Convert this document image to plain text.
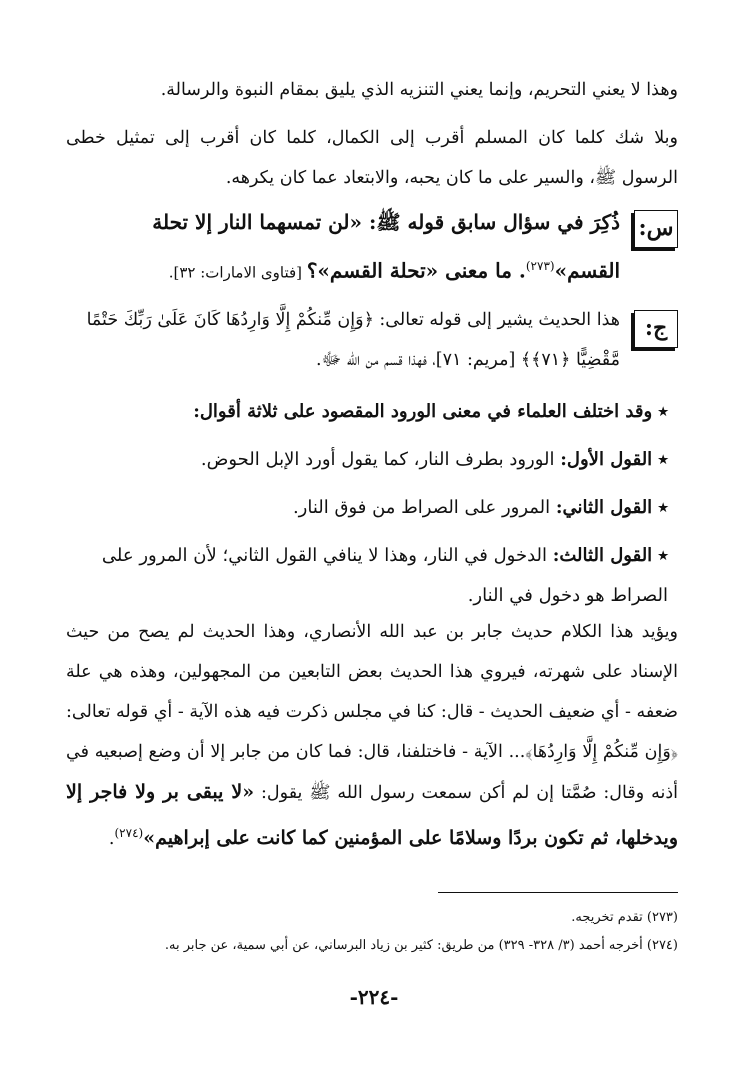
وهذا لا يعني التحريم، وإنما يعني التنزيه الذي يليق بمقام النبوة والرسالة.
وبلا شك كلما كان المسلم أقرب إلى الكمال، كلما كان أقرب إلى تمثيل خطى الرسول ﷺ، والسير على ما كان يحبه، والابتعاد عما كان يكرهه.
س:
ذُكِرَ في سؤال سابق قوله ﷺ: «لن تمسهما النار إلا تحلة القسم»$^{(٢٧٣)}$. ما معنى «تحلة القسم»؟ [فتاوى الامارات: ٣٢].
ج:
هذا الحديث يشير إلى قوله تعالى: ﴿وَإِن مِّنكُمْ إِلَّا وَارِدُهَا كَانَ عَلَىٰ رَبِّكَ حَتْمًا مَّقْضِيًّا ﴿٧١﴾﴾ [مريم: ٧١]، فهذا قسم من الله ﷻ.
٭وقد اختلف العلماء في معنى الورود المقصود على ثلاثة أقوال:
٭القول الأول: الورود بطرف النار، كما يقول أورد الإبل الحوض.
٭القول الثاني: المرور على الصراط من فوق النار.
٭القول الثالث: الدخول في النار، وهذا لا ينافي القول الثاني؛ لأن المرور على الصراط هو دخول في النار.
ويؤيد هذا الكلام حديث جابر بن عبد الله الأنصاري، وهذا الحديث لم يصح من حيث الإسناد على شهرته، فيروي هذا الحديث بعض التابعين من المجهولين، وهذه هي علة ضعفه - أي ضعيف الحديث - قال: كنا في مجلس ذكرت فيه هذه الآية - أي قوله تعالى: ﴿وَإِن مِّنكُمْ إِلَّا وَارِدُهَا﴾... الآية - فاختلفنا، قال: فما كان من جابر إلا أن وضع إصبعيه في أذنه وقال: صُمَّتا إن لم أكن سمعت رسول الله ﷺ يقول: «لا يبقى بر ولا فاجر إلا ويدخلها، ثم تكون بردًا وسلامًا على المؤمنين كما كانت على إبراهيم»$^{(٢٧٤)}$.
(٢٧٣) تقدم تخريجه.
(٢٧٤) أخرجه أحمد (٣/ ٣٢٨- ٣٢٩) من طريق: كثير بن زياد البرساني، عن أبي سمية، عن جابر به.
-٢٢٤-
